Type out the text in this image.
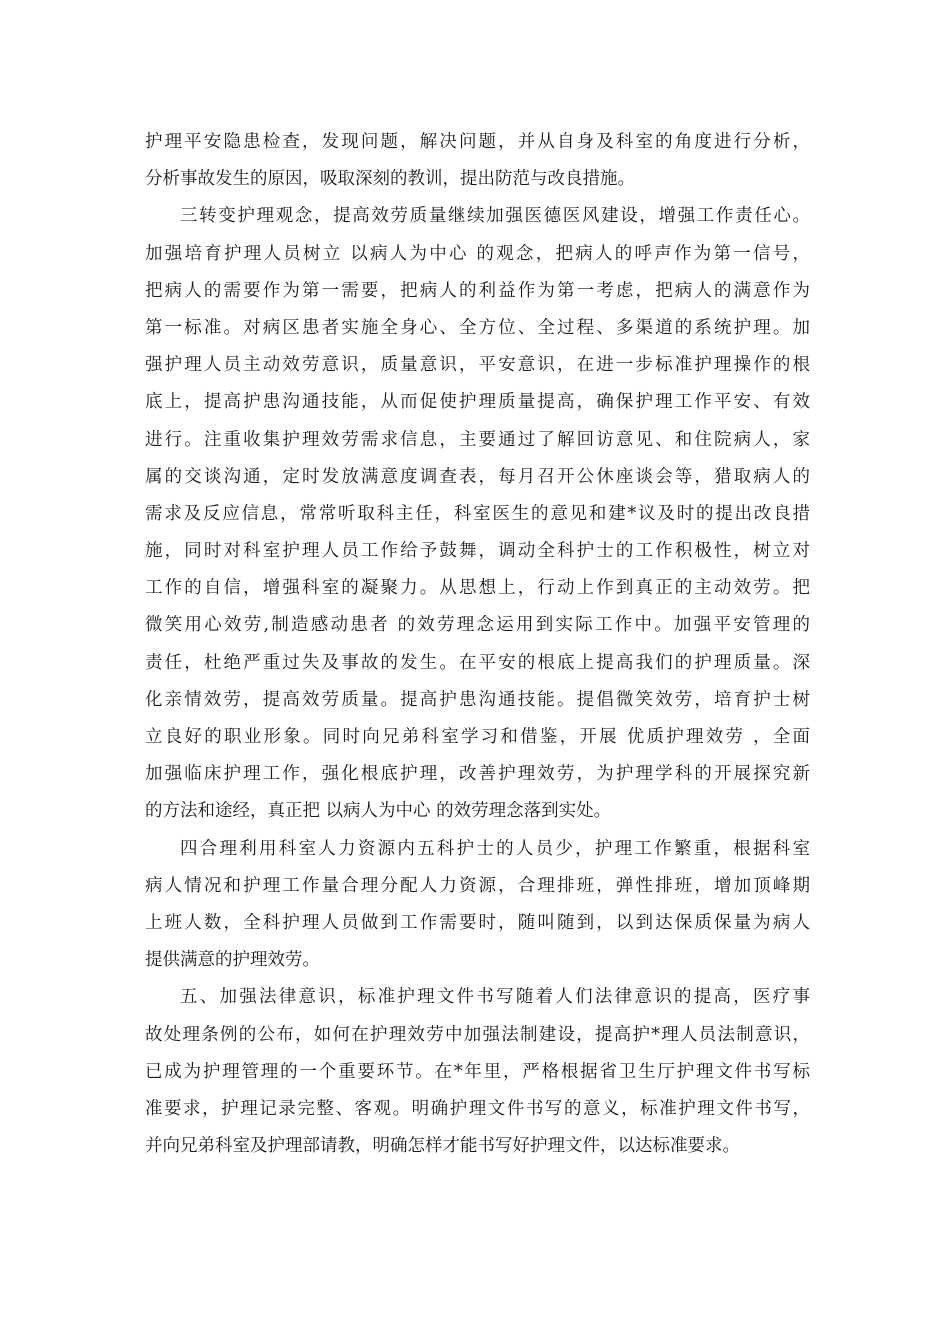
护理平安隐患检查，发现问题，解决问题，并从自身及科室的角度进行分析，
分析事故发生的原因，吸取深刻的教训，提出防范与改良措施。
三转变护理观念，提高效劳质量继续加强医德医风建设，增强工作责任心。
加强培育护理人员树立 以病人为中心 的观念，把病人的呼声作为第一信号，
把病人的需要作为第一需要，把病人的利益作为第一考虑，把病人的满意作为
第一标准。对病区患者实施全身心、全方位、全过程、多渠道的系统护理。加
强护理人员主动效劳意识，质量意识，平安意识，在进一步标准护理操作的根
底上，提高护患沟通技能，从而促使护理质量提高，确保护理工作平安、有效
进行。注重收集护理效劳需求信息，主要通过了解回访意见、和住院病人，家
属的交谈沟通，定时发放满意度调查表，每月召开公休座谈会等，猎取病人的
需求及反应信息，常常听取科主任，科室医生的意见和建*议及时的提出改良措
施，同时对科室护理人员工作给予鼓舞，调动全科护士的工作积极性，树立对
工作的自信，增强科室的凝聚力。从思想上，行动上作到真正的主动效劳。把
微笑用心效劳,制造感动患者 的效劳理念运用到实际工作中。加强平安管理的
责任，杜绝严重过失及事故的发生。在平安的根底上提高我们的护理质量。深
化亲情效劳，提高效劳质量。提高护患沟通技能。提倡微笑效劳，培育护士树
立良好的职业形象。同时向兄弟科室学习和借鉴，开展 优质护理效劳 ，全面
加强临床护理工作，强化根底护理，改善护理效劳，为护理学科的开展探究新
的方法和途经，真正把 以病人为中心 的效劳理念落到实处。
四合理利用科室人力资源内五科护士的人员少，护理工作繁重，根据科室
病人情况和护理工作量合理分配人力资源，合理排班，弹性排班，增加顶峰期
上班人数，全科护理人员做到工作需要时，随叫随到，以到达保质保量为病人
提供满意的护理效劳。
五、加强法律意识，标准护理文件书写随着人们法律意识的提高，医疗事
故处理条例的公布，如何在护理效劳中加强法制建设，提高护*理人员法制意识，
已成为护理管理的一个重要环节。在*年里，严格根据省卫生厅护理文件书写标
准要求，护理记录完整、客观。明确护理文件书写的意义，标准护理文件书写，
并向兄弟科室及护理部请教，明确怎样才能书写好护理文件，以达标准要求。
